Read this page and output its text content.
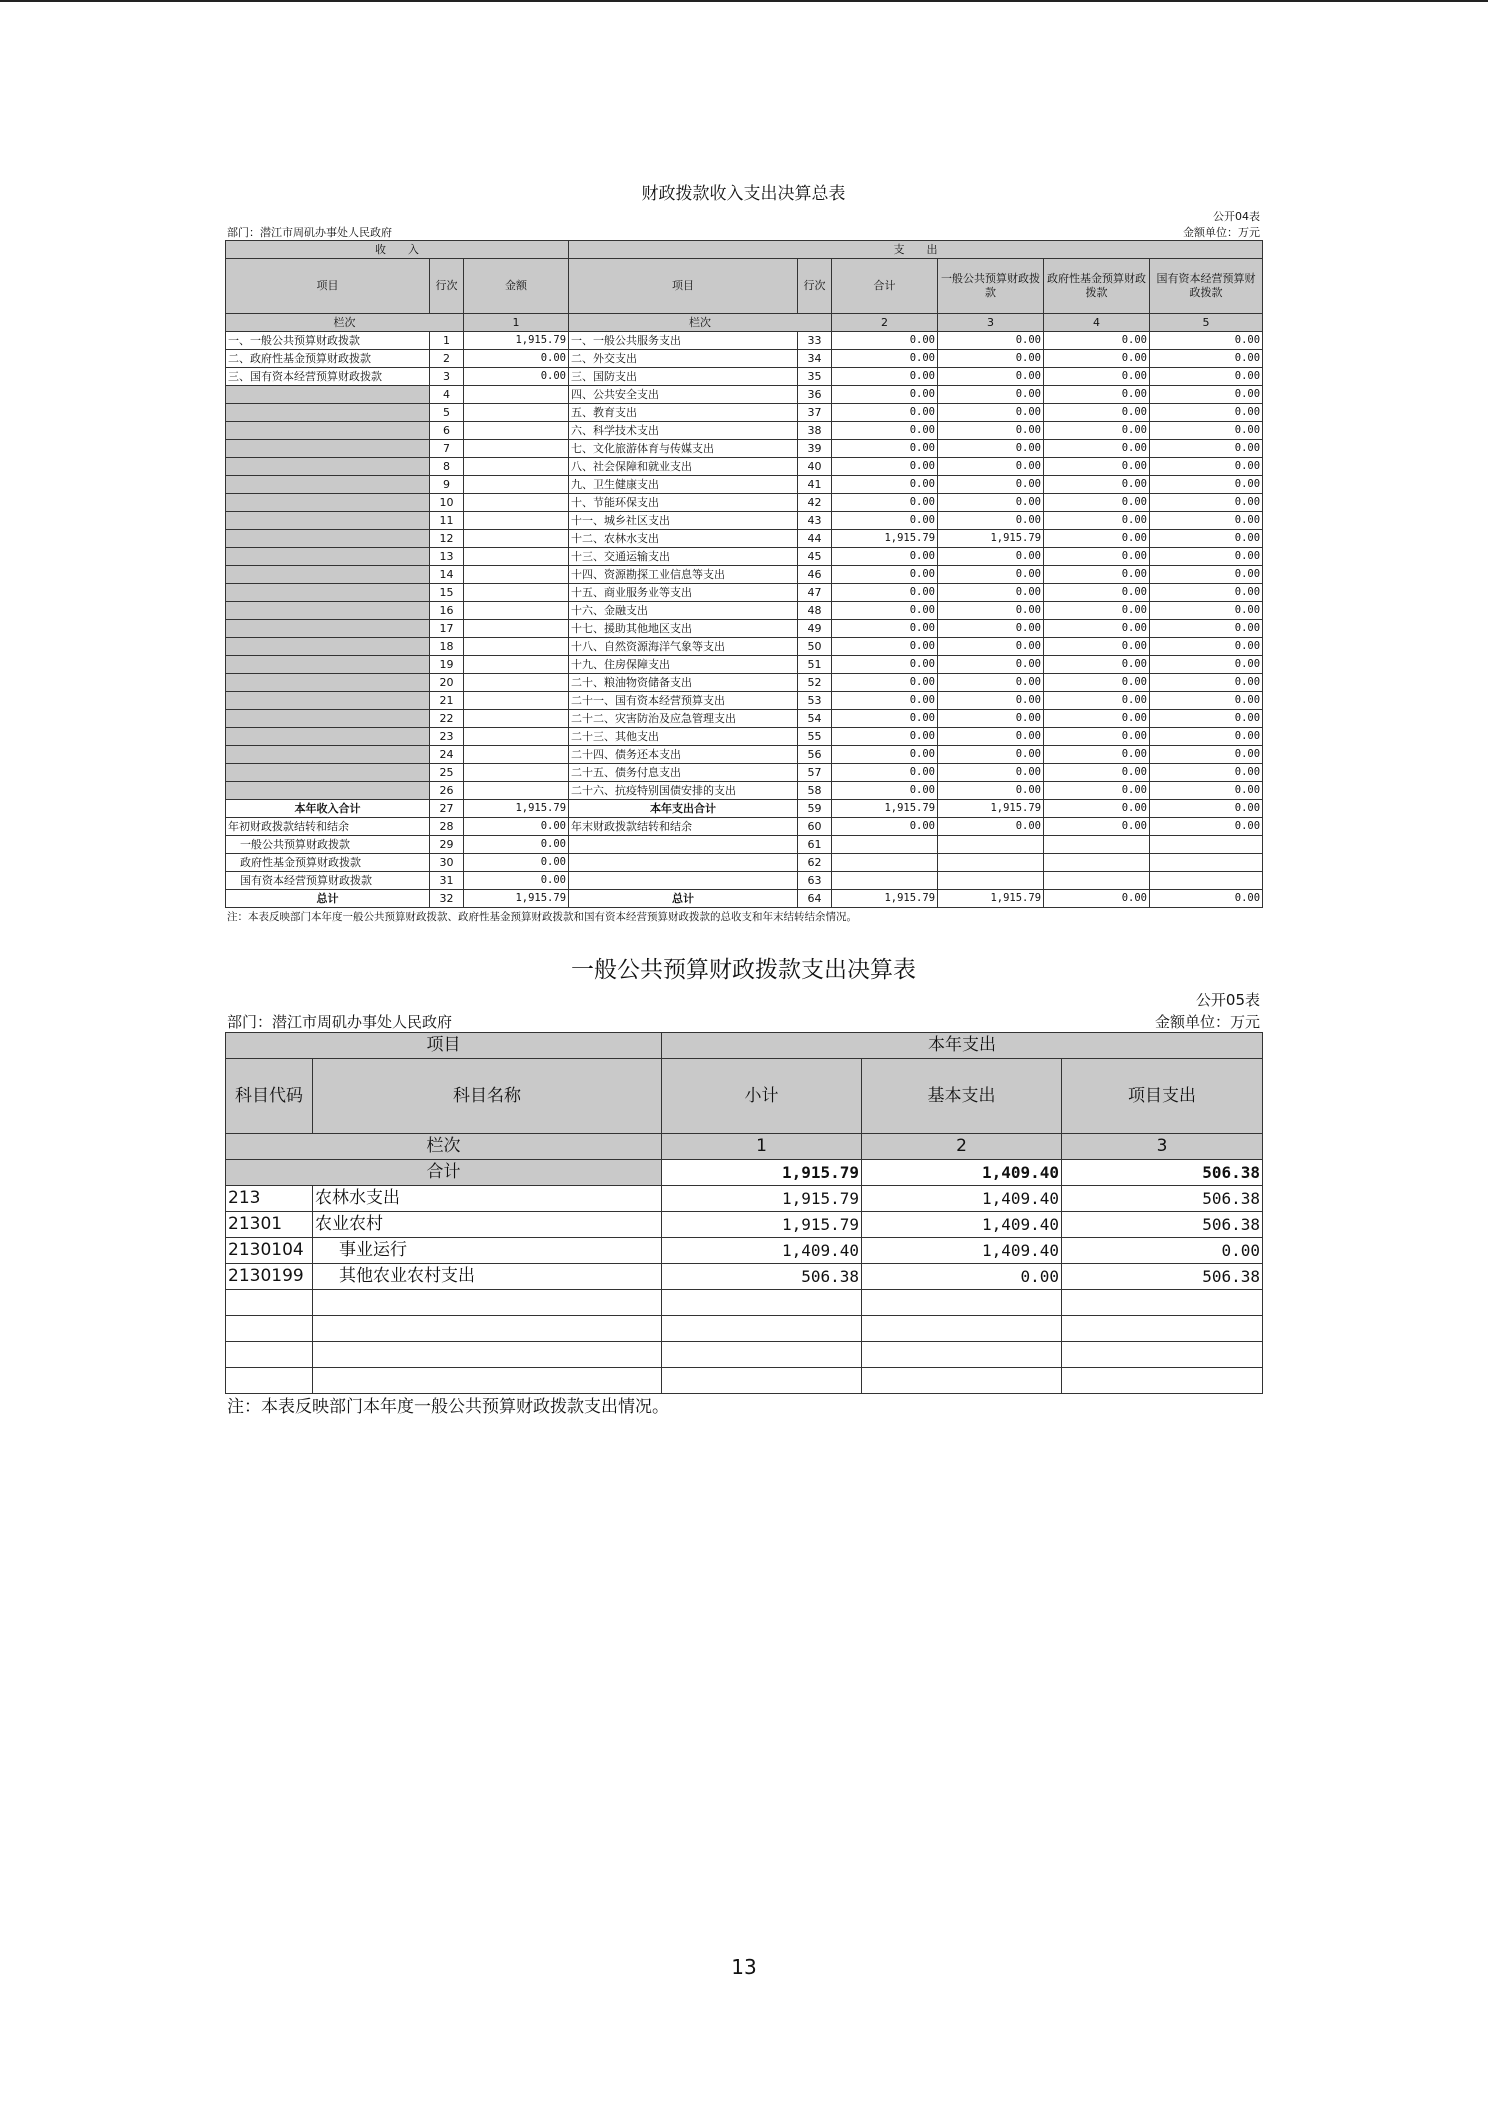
财政拨款收入支出决算总表
公开04表
部门：潜江市周矶办事处人民政府	金额单位：万元
收　　入			支　　出					
项目	行次	金额	项目	行次	合计	一般公共预算财政拨款	政府性基金预算财政拨款	国有资本经营预算财政拨款
栏次		1	栏次		2	3	4	5
一、一般公共预算财政拨款	1	1,915.79	一、一般公共服务支出	33	0.00	0.00	0.00	0.00
二、政府性基金预算财政拨款	2	0.00	二、外交支出	34	0.00	0.00	0.00	0.00
三、国有资本经营预算财政拨款	3	0.00	三、国防支出	35	0.00	0.00	0.00	0.00
	4		四、公共安全支出	36	0.00	0.00	0.00	0.00
	5		五、教育支出	37	0.00	0.00	0.00	0.00
	6		六、科学技术支出	38	0.00	0.00	0.00	0.00
	7		七、文化旅游体育与传媒支出	39	0.00	0.00	0.00	0.00
	8		八、社会保障和就业支出	40	0.00	0.00	0.00	0.00
	9		九、卫生健康支出	41	0.00	0.00	0.00	0.00
	10		十、节能环保支出	42	0.00	0.00	0.00	0.00
	11		十一、城乡社区支出	43	0.00	0.00	0.00	0.00
	12		十二、农林水支出	44	1,915.79	1,915.79	0.00	0.00
	13		十三、交通运输支出	45	0.00	0.00	0.00	0.00
	14		十四、资源勘探工业信息等支出	46	0.00	0.00	0.00	0.00
	15		十五、商业服务业等支出	47	0.00	0.00	0.00	0.00
	16		十六、金融支出	48	0.00	0.00	0.00	0.00
	17		十七、援助其他地区支出	49	0.00	0.00	0.00	0.00
	18		十八、自然资源海洋气象等支出	50	0.00	0.00	0.00	0.00
	19		十九、住房保障支出	51	0.00	0.00	0.00	0.00
	20		二十、粮油物资储备支出	52	0.00	0.00	0.00	0.00
	21		二十一、国有资本经营预算支出	53	0.00	0.00	0.00	0.00
	22		二十二、灾害防治及应急管理支出	54	0.00	0.00	0.00	0.00
	23		二十三、其他支出	55	0.00	0.00	0.00	0.00
	24		二十四、债务还本支出	56	0.00	0.00	0.00	0.00
	25		二十五、债务付息支出	57	0.00	0.00	0.00	0.00
	26		二十六、抗疫特别国债安排的支出	58	0.00	0.00	0.00	0.00
本年收入合计	27	1,915.79	本年支出合计	59	1,915.79	1,915.79	0.00	0.00
年初财政拨款结转和结余	28	0.00	年末财政拨款结转和结余	60	0.00	0.00	0.00	0.00
一般公共预算财政拨款	29	0.00		61				
政府性基金预算财政拨款	30	0.00		62				
国有资本经营预算财政拨款	31	0.00		63				
总计	32	1,915.79	总计	64	1,915.79	1,915.79	0.00	0.00
注：本表反映部门本年度一般公共预算财政拨款、政府性基金预算财政拨款和国有资本经营预算财政拨款的总收支和年末结转结余情况。
一般公共预算财政拨款支出决算表
公开05表
部门：潜江市周矶办事处人民政府	金额单位：万元
项目		本年支出		
科目代码	科目名称	小计	基本支出	项目支出
栏次		1	2	3
合计		1,915.79	1,409.40	506.38
213	农林水支出	1,915.79	1,409.40	506.38
21301	农业农村	1,915.79	1,409.40	506.38
2130104	事业运行	1,409.40	1,409.40	0.00
2130199	其他农业农村支出	506.38	0.00	506.38

注：本表反映部门本年度一般公共预算财政拨款支出情况。
13
